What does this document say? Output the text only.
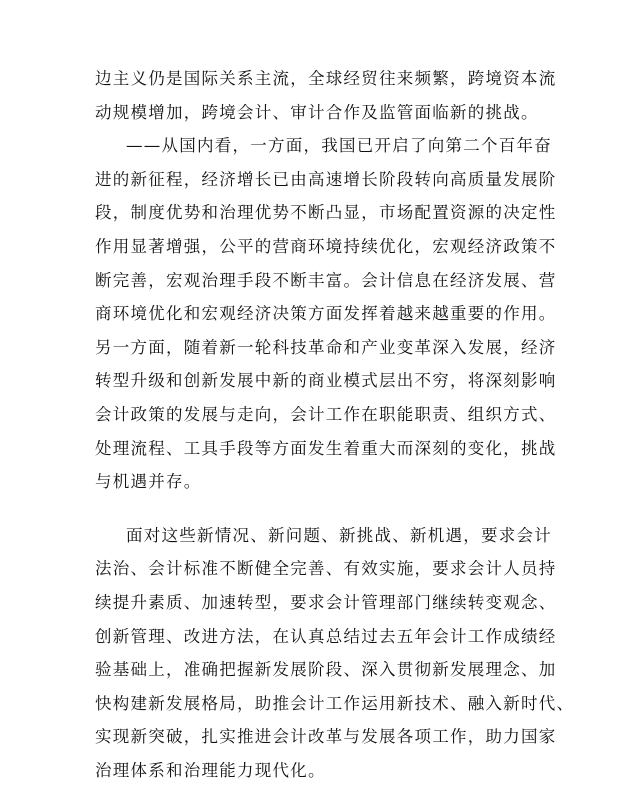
边主义仍是国际关系主流，全球经贸往来频繁，跨境资本流
动规模增加，跨境会计、审计合作及监管面临新的挑战。
——从国内看，一方面，我国已开启了向第二个百年奋
进的新征程，经济增长已由高速增长阶段转向高质量发展阶
段，制度优势和治理优势不断凸显，市场配置资源的决定性
作用显著增强，公平的营商环境持续优化，宏观经济政策不
断完善，宏观治理手段不断丰富。会计信息在经济发展、营
商环境优化和宏观经济决策方面发挥着越来越重要的作用。
另一方面，随着新一轮科技革命和产业变革深入发展，经济
转型升级和创新发展中新的商业模式层出不穷，将深刻影响
会计政策的发展与走向，会计工作在职能职责、组织方式、
处理流程、工具手段等方面发生着重大而深刻的变化，挑战
与机遇并存。
面对这些新情况、新问题、新挑战、新机遇，要求会计
法治、会计标准不断健全完善、有效实施，要求会计人员持
续提升素质、加速转型，要求会计管理部门继续转变观念、
创新管理、改进方法，在认真总结过去五年会计工作成绩经
验基础上，准确把握新发展阶段、深入贯彻新发展理念、加
快构建新发展格局，助推会计工作运用新技术、融入新时代、
实现新突破，扎实推进会计改革与发展各项工作，助力国家
治理体系和治理能力现代化。
